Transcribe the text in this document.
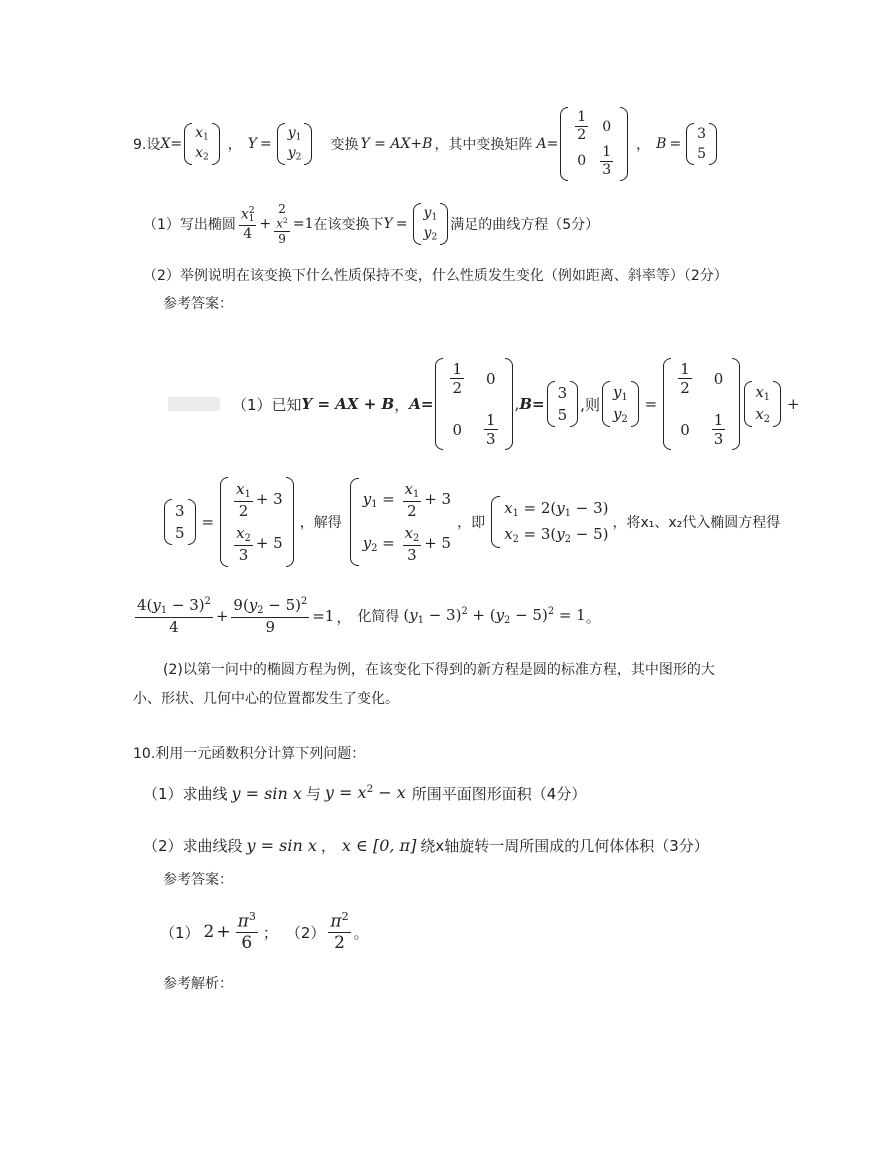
9.设 X =
$x_1$
$x_2$
， Y =
$y_1$
$y_2$
变换 Y = AX+B ，其中变换矩阵 $A = \frac{1}{2} 0$
$0 \frac{1}{3}$ ， B =
3
5
（1）写出椭圆 $\frac{x^2_1}{4}$ +
2
$x^2$
9
=1 在该变换下 Y =
$y_1$
$y_2$
满足的曲线方程（5分）
（2）举例说明在该变换下什么性质保持不变，什么性质发生变化（例如距离、斜率等）（2分）
参考答案：
（1）已知 Y = AX + B ， A =
$\frac{1}{2} 0$
$0 \frac{1}{3}$
, B =
3
5
,则
$y_1$
$y_2$
=
$\frac{1}{2} 0$
$0 \frac{1}{3}$
$x_1$
$x_2$
+
3
5
=
$\frac{x_1}{2} + 3$
$\frac{x_2}{3} + 5$
，解得
$y_1 = \frac{x_1}{2} + 3$
$y_2 = \frac{x_2}{3} + 5$
，即
$x_1 = 2(y_1 - 3)$
$x_2 = 3(y_2 - 5)$
，将x₁、x₂代入椭圆方程得
$\frac{4(y_1 - 3)^2}{4} + \frac{9(y_2 - 5)^2}{9} =1$ ， 化简得 $(y_1 - 3)^2 + (y_2 - 5)^2 = 1$ 。
(2)以第一问中的椭圆方程为例，在该变化下得到的新方程是圆的标准方程，其中图形的大
小、形状、几何中心的位置都发生了变化。
10.利用一元函数积分计算下列问题：
（1）求曲线 y = sin x 与 $y = x^2 - x$ 所围平面图形面积（4分）
（2）求曲线段 y = sin x ， x ∈ [0, π] 绕x轴旋转一周所围成的几何体体积（3分）
参考答案：
（1） $2 + \frac{\pi^3}{6}$ ； $(2) \frac{\pi^2}{2}$ 。
参考解析：
